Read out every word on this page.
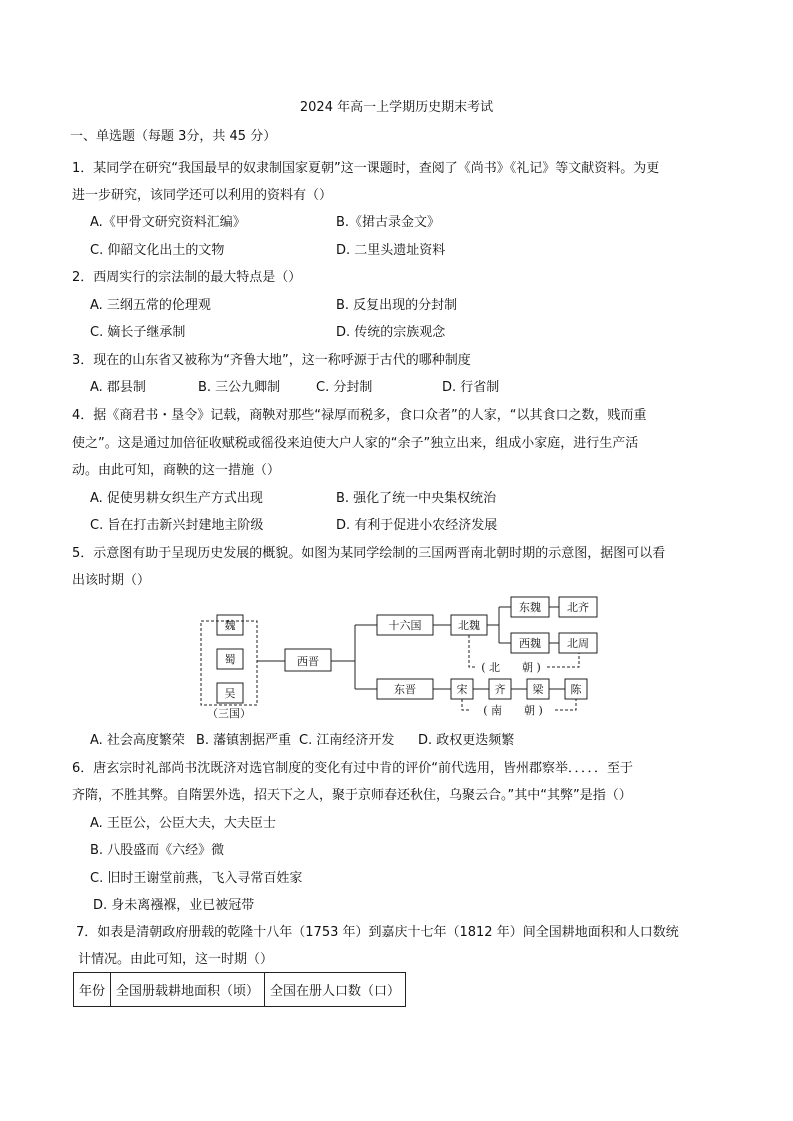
2024 年高一上学期历史期末考试
一、单选题（每题 3分，共 45 分）
1．某同学在研究“我国最早的奴隶制国家夏朝”这一课题时，查阅了《尚书》《礼记》等文献资料。为更
进一步研究，该同学还可以利用的资料有（）
A.《甲骨文研究资料汇编》	B.《捃古录金文》
C. 仰韶文化出土的文物	D. 二里头遗址资料
2．西周实行的宗法制的最大特点是（）
A. 三纲五常的伦理观	B. 反复出现的分封制
C. 嫡长子继承制	D. 传统的宗族观念
3．现在的山东省又被称为“齐鲁大地”，这一称呼源于古代的哪种制度
A. 郡县制	B. 三公九卿制	C. 分封制	D. 行省制
4．据《商君书・垦令》记载，商鞅对那些“禄厚而税多，食口众者”的人家，“以其食口之数，贱而重
使之”。这是通过加倍征收赋税或徭役来迫使大户人家的“余子”独立出来，组成小家庭，进行生产活
动。由此可知，商鞅的这一措施（）
A. 促使男耕女织生产方式出现	B. 强化了统一中央集权统治
C. 旨在打击新兴封建地主阶级	D. 有利于促进小农经济发展
5．示意图有助于呈现历史发展的概貌。如图为某同学绘制的三国两晋南北朝时期的示意图，据图可以看
出该时期（）
魏
蜀
吴
（三国）
西晋
十六国	北魏
东魏 北齐
西魏 北周
( 北　　朝 )
东晋	宋 齐 梁 陈
( 南　　朝 )
A. 社会高度繁荣 B. 藩镇割据严重 C. 江南经济开发 D. 政权更迭频繁
6．唐玄宗时礼部尚书沈既济对选官制度的变化有过中肯的评价“前代选用，皆州郡察举．．．．．至于
齐隋，不胜其弊。自隋罢外选，招天下之人，聚于京师春还秋住，乌聚云合。”其中“其弊”是指（）
A. 王臣公，公臣大夫，大夫臣士
B. 八股盛而《六经》微
C. 旧时王谢堂前燕，飞入寻常百姓家
D. 身未离襁褓，业已被冠带
7．如表是清朝政府册载的乾隆十八年（1753 年）到嘉庆十七年（1812 年）间全国耕地面积和人口数统
计情况。由此可知，这一时期（）
年份	全国册载耕地面积（顷）	全国在册人口数（口）
